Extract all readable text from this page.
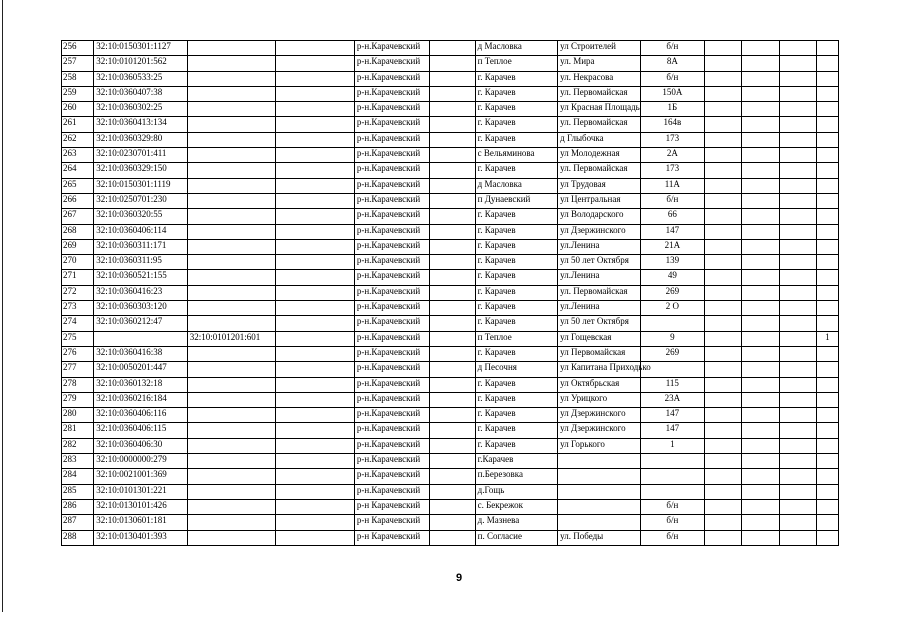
256	32:10:0150301:1127			р-н.Карачевский		д Масловка	ул Строителей	б/н				
257	32:10:0101201:562			р-н.Карачевский		п Теплое	ул. Мира	8А				
258	32:10:0360533:25			р-н.Карачевский		г. Карачев	ул. Некрасова	б/н				
259	32:10:0360407:38			р-н.Карачевский		г. Карачев	ул. Первомайская	150А				
260	32:10:0360302:25			р-н.Карачевский		г. Карачев	ул Красная Площадь	1Б				
261	32:10:0360413:134			р-н.Карачевский		г. Карачев	ул. Первомайская	164в				
262	32:10:0360329:80			р-н.Карачевский		г. Карачев	д Глыбочка	173				
263	32:10:0230701:411			р-н.Карачевский		с Вельяминова	ул Молодежная	2А				
264	32:10:0360329:150			р-н.Карачевский		г. Карачев	ул. Первомайская	173				
265	32:10:0150301:1119			р-н.Карачевский		д Масловка	ул Трудовая	11А				
266	32:10:0250701:230			р-н.Карачевский		п Дунаевский	ул Центральная	б/н				
267	32:10:0360320:55			р-н.Карачевский		г. Карачев	ул Володарского	66				
268	32:10:0360406:114			р-н.Карачевский		г. Карачев	ул Дзержинского	147				
269	32:10:0360311:171			р-н.Карачевский		г. Карачев	ул.Ленина	21А				
270	32:10:0360311:95			р-н.Карачевский		г. Карачев	ул 50 лет Октября	139				
271	32:10:0360521:155			р-н.Карачевский		г. Карачев	ул.Ленина	49				
272	32:10:0360416:23			р-н.Карачевский		г. Карачев	ул. Первомайская	269				
273	32:10:0360303:120			р-н.Карачевский		г. Карачев	ул.Ленина	2 О				
274	32:10:0360212:47			р-н.Карачевский		г. Карачев	ул 50 лет Октября					
275		32:10:0101201:601		р-н.Карачевский		п Теплое	ул Гощевская	9				1
276	32:10:0360416:38			р-н.Карачевский		г. Карачев	ул Первомайская	269				
277	32:10:0050201:447			р-н.Карачевский		д Песочня	ул Капитана Приходько					
278	32:10:0360132:18			р-н.Карачевский		г. Карачев	ул Октябрьская	115				
279	32:10:0360216:184			р-н.Карачевский		г. Карачев	ул Урицкого	23А				
280	32:10:0360406:116			р-н.Карачевский		г. Карачев	ул Дзержинского	147				
281	32:10:0360406:115			р-н.Карачевский		г. Карачев	ул Дзержинского	147				
282	32:10:0360406:30			р-н.Карачевский		г. Карачев	ул Горького	1				
283	32:10:0000000:279			р-н.Карачевский		г.Карачев						
284	32:10:0021001:369			р-н.Карачевский		п.Березовка						
285	32:10:0101301:221			р-н.Карачевский		д.Гощь						
286	32:10:0130101:426			р-н Карачевский		с. Бекрежок		б/н				
287	32:10:0130601:181			р-н Карачевский		д. Мазнева		б/н				
288	32:10:0130401:393			р-н Карачевский		п. Согласие	ул. Победы	б/н				
9
